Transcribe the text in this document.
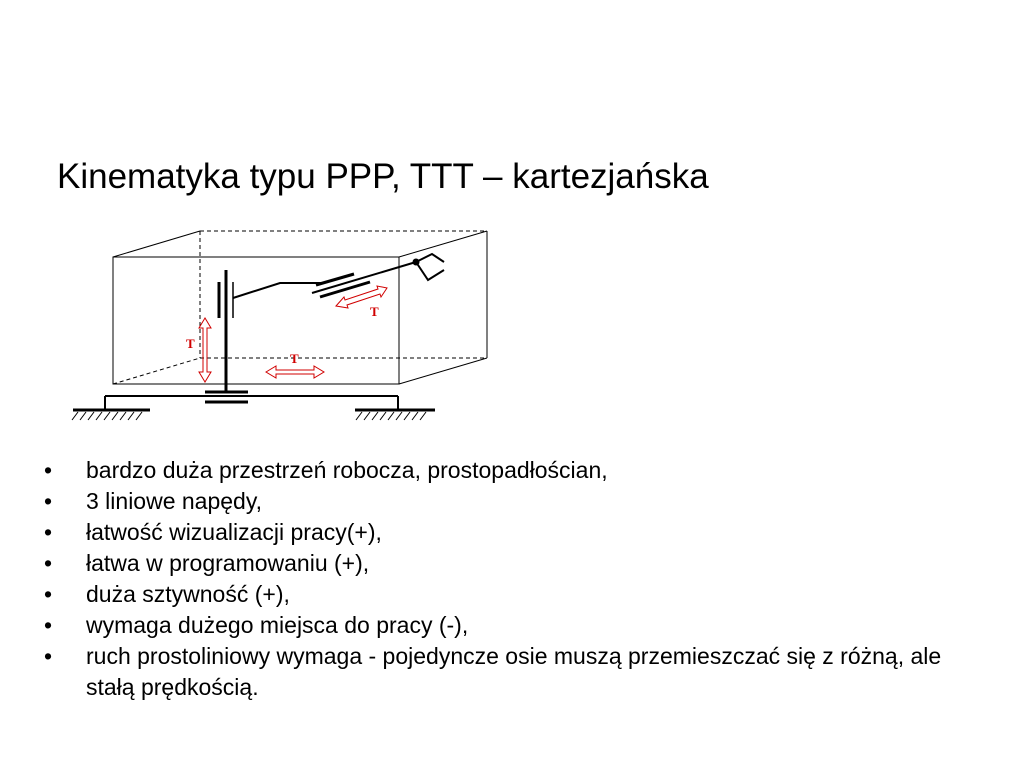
Kinematyka typu PPP, TTT – kartezjańska
T
T
T
• bardzo duża przestrzeń robocza, prostopadłościan,
• 3 liniowe napędy,
• łatwość wizualizacji pracy(+),
• łatwa w programowaniu (+),
• duża sztywność (+),
• wymaga dużego miejsca do pracy (-),
• ruch prostoliniowy wymaga - pojedyncze osie muszą przemieszczać się z różną, ale stałą prędkością.
